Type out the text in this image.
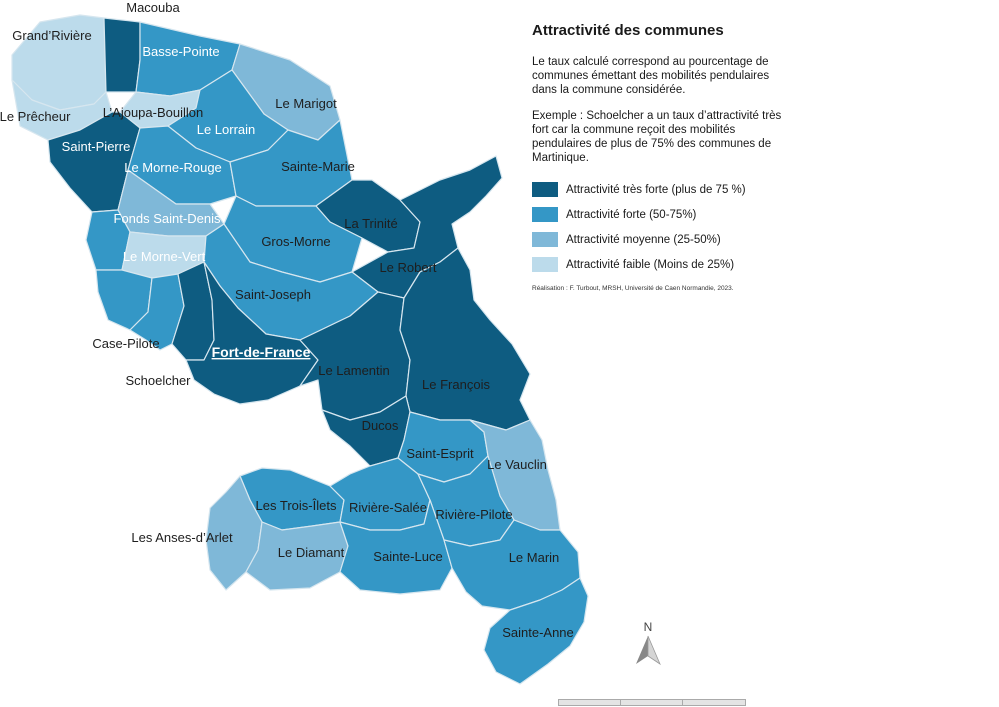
N
Macouba
Grand’Rivière
Basse-Pointe
Le Prêcheur L’Ajoupa-Bouillon
Le Marigot
Le Lorrain
Saint-Pierre
Le Morne-Rouge	Sainte-Marie
Fonds Saint-Denis	La Trinité
Gros-Morne
Le Morne-Vert
Le Robert
Saint-Joseph
Case-Pilote
Fort-de-France
Le Lamentin
Schoelcher	Le François
Ducos
Saint-Esprit
Le Vauclin
Les Trois-Îlets Rivière-Salée Rivière-Pilote
Les Anses-d’Arlet
Le Diamant Sainte-Luce	Le Marin
Sainte-Anne
Attractivité des communes

Le taux calculé correspond au pourcentage de communes émettant des mobilités pendulaires dans la commune considérée.

Exemple : Schoelcher a un taux d’attractivité très fort car la commune reçoit des mobilités pendulaires de plus de 75% des communes de Martinique.

Attractivité très forte (plus de 75 %)
Attractivité forte (50-75%)
Attractivité moyenne (25-50%)
Attractivité faible (Moins de 25%)
Réalisation : F. Turbout, MRSH, Université de Caen Normandie, 2023.
